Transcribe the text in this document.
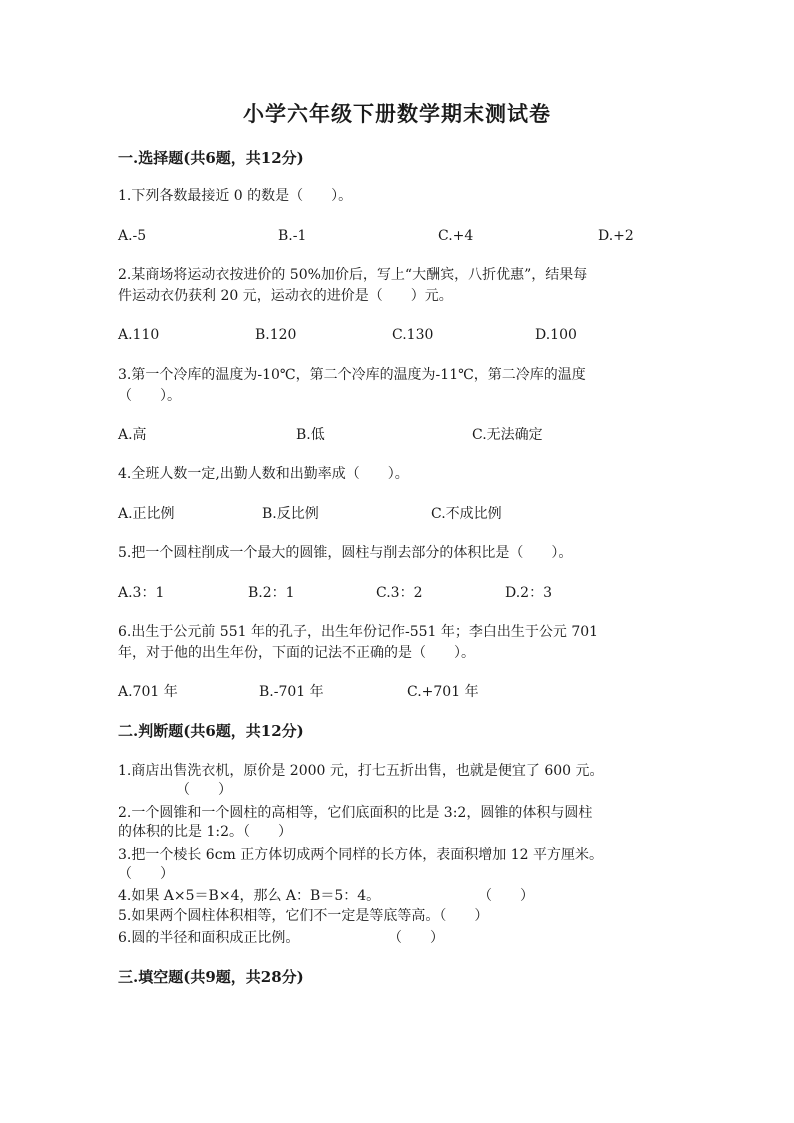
小学六年级下册数学期末测试卷
一.选择题(共6题，共12分)
1.下列各数最接近 0 的数是（　　）。
A.-5	B.-1	C.+4	D.+2
2.某商场将运动衣按进价的 50%加价后，写上“大酬宾，八折优惠”，结果每
件运动衣仍获利 20 元，运动衣的进价是（　　）元。
A.110	B.120	C.130	D.100
3.第一个冷库的温度为-10℃，第二个冷库的温度为-11℃，第二冷库的温度
（　　）。
A.高	B.低	C.无法确定
4.全班人数一定,出勤人数和出勤率成（　　）。
A.正比例	B.反比例	C.不成比例
5.把一个圆柱削成一个最大的圆锥，圆柱与削去部分的体积比是（　　）。
A.3：1	B.2：1	C.3：2	D.2：3
6.出生于公元前 551 年的孔子，出生年份记作-551 年；李白出生于公元 701
年，对于他的出生年份，下面的记法不正确的是（　　）。
A.701 年	B.-701 年	C.+701 年
二.判断题(共6题，共12分)
1.商店出售洗衣机，原价是 2000 元，打七五折出售，也就是便宜了 600 元。
（　　）
2.一个圆锥和一个圆柱的高相等，它们底面积的比是 3:2，圆锥的体积与圆柱
的体积的比是 1:2。（　　）
3.把一个棱长 6cm 正方体切成两个同样的长方体，表面积增加 12 平方厘米。
（　　）
4.如果 A×5＝B×4，那么 A：B＝5：4。	（　　）
5.如果两个圆柱体积相等，它们不一定是等底等高。（　　）
6.圆的半径和面积成正比例。	（　　）
三.填空题(共9题，共28分)
